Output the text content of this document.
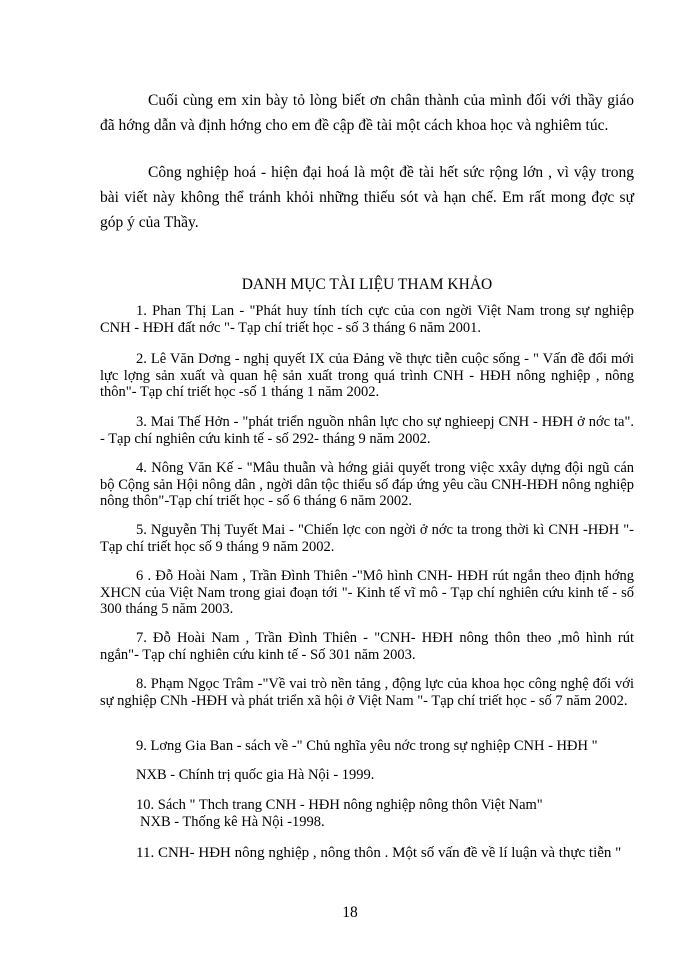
Cuối cùng em xin bày tỏ lòng biết ơn chân thành của mình đối với thầy giáo đã hớng dẫn và định hớng cho em đề cập đề tài một cách khoa học và nghiêm túc.

Công nghiệp hoá - hiện đại hoá là một đề tài hết sức rộng lớn , vì vậy trong bài viết này không thể tránh khỏi những thiếu sót và hạn chế. Em rất mong đợc sự góp ý của Thầy.

DANH MỤC TÀI LIỆU THAM KHẢO

1. Phan Thị Lan - "Phát huy tính tích cực của con ngời Việt Nam trong sự nghiệp CNH - HĐH đất nớc "- Tạp chí triết học - số 3 tháng 6 năm 2001.

2. Lê Văn Dơng - nghị quyết IX của Đảng về thực tiễn cuộc sống - " Vấn đề đổi mới lực lợng sản xuất và quan hệ sản xuất trong quá trình CNH - HĐH nông nghiệp , nông thôn"- Tạp chí triết học -số 1 tháng 1 năm 2002.

3. Mai Thế Hởn - "phát triển nguồn nhân lực cho sự nghieepj CNH - HĐH ở nớc ta". - Tạp chí nghiên cứu kinh tế - số 292- tháng 9 năm 2002.

4. Nông Văn Kế - "Mâu thuẫn và hớng giải quyết trong việc xxây dựng đội ngũ cán bộ Cộng sản Hội nông dân , ngời dân tộc thiểu số đáp ứng yêu cầu CNH-HĐH nông nghiệp nông thôn"-Tạp chí triết học - số 6 tháng 6 năm 2002.

5. Nguyễn Thị Tuyết Mai - "Chiến lợc con ngời ở nớc ta trong thời kì CNH -HĐH "- Tạp chí triết học số 9 tháng 9 năm 2002.

6 . Đỗ Hoài Nam , Trần Đình Thiên -"Mô hình CNH- HĐH rút ngắn theo định hớng XHCN của Việt Nam trong giai đoạn tới "- Kinh tế vĩ mô - Tạp chí nghiên cứu kinh tế - số 300 tháng 5 năm 2003.

7. Đỗ Hoài Nam , Trần Đình Thiên - "CNH- HĐH nông thôn theo ,mô hình rút ngắn"- Tạp chí nghiên cứu kinh tế - Số 301 năm 2003.

8. Phạm Ngọc Trâm -"Về vai trò nền tảng , động lực của khoa học công nghệ đối với sự nghiệp CNh -HĐH và phát triển xã hội ở Việt Nam "- Tạp chí triết học - số 7 năm 2002.

9. Lơng Gia Ban - sách về -" Chủ nghĩa yêu nớc trong sự nghiệp CNH - HĐH "

NXB - Chính trị quốc gia Hà Nội - 1999.

10. Sách " Thch trang CNH - HĐH nông nghiệp nông thôn Việt Nam"

NXB - Thống kê Hà Nội -1998.

11. CNH- HĐH nông nghiệp , nông thôn . Một số vấn đề về lí luận và thực tiễn "

18
